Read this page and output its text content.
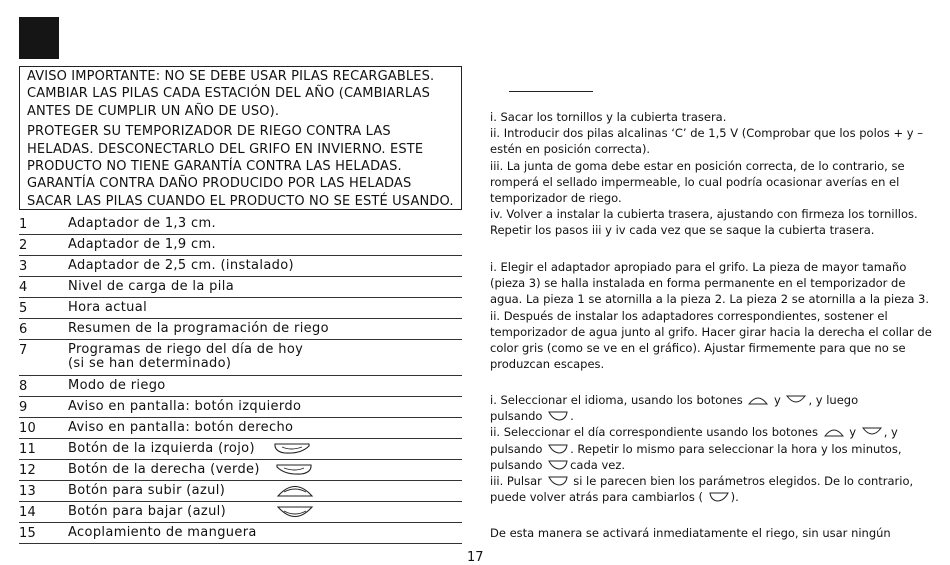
AVISO IMPORTANTE: NO SE DEBE USAR PILAS RECARGABLES. CAMBIAR LAS PILAS CADA ESTACIÓN DEL AÑO (CAMBIARLAS ANTES DE CUMPLIR UN AÑO DE USO).

PROTEGER SU TEMPORIZADOR DE RIEGO CONTRA LAS HELADAS. DESCONECTARLO DEL GRIFO EN INVIERNO. ESTE PRODUCTO NO TIENE GARANTÍA CONTRA LAS HELADAS. GARANTÍA CONTRA DAÑO PRODUCIDO POR LAS HELADAS SACAR LAS PILAS CUANDO EL PRODUCTO NO SE ESTÉ USANDO.

1	Adaptador de 1,3 cm.
2	Adaptador de 1,9 cm.
3	Adaptador de 2,5 cm. (instalado)
4	Nivel de carga de la pila
5	Hora actual
6	Resumen de la programación de riego
7	Programas de riego del día de hoy
(si se han determinado)
8	Modo de riego
9	Aviso en pantalla: botón izquierdo
10 Aviso en pantalla: botón derecho
11 Botón de la izquierda (rojo)
12 Botón de la derecha (verde)
13 Botón para subir (azul)
14 Botón para bajar (azul)
15 Acoplamiento de manguera
17

i. Sacar los tornillos y la cubierta trasera.

ii. Introducir dos pilas alcalinas ‘C’ de 1,5 V (Comprobar que los polos + y – estén en posición correcta).

iii. La junta de goma debe estar en posición correcta, de lo contrario, se romperá el sellado impermeable, lo cual podría ocasionar averías en el temporizador de riego.

iv. Volver a instalar la cubierta trasera, ajustando con firmeza los tornillos. Repetir los pasos iii y iv cada vez que se saque la cubierta trasera.

i. Elegir el adaptador apropiado para el grifo. La pieza de mayor tamaño (pieza 3) se halla instalada en forma permanente en el temporizador de agua. La pieza 1 se atornilla a la pieza 2. La pieza 2 se atornilla a la pieza 3.

ii. Después de instalar los adaptadores correspondientes, sostener el temporizador de agua junto al grifo. Hacer girar hacia la derecha el collar de color gris (como se ve en el gráfico). Ajustar firmemente para que no se produzcan escapes.

i. Seleccionar el idioma, usando los botones	y , y luego
pulsando .

ii. Seleccionar el día correspondiente usando los botones	y , y
pulsando . Repetir lo mismo para seleccionar la hora y los minutos,
pulsando cada vez.

iii. Pulsar	si le parecen bien los parámetros elegidos. De lo contrario,
puede volver atrás para cambiarlos ( ).

De esta manera se activará inmediatamente el riego, sin usar ningún
